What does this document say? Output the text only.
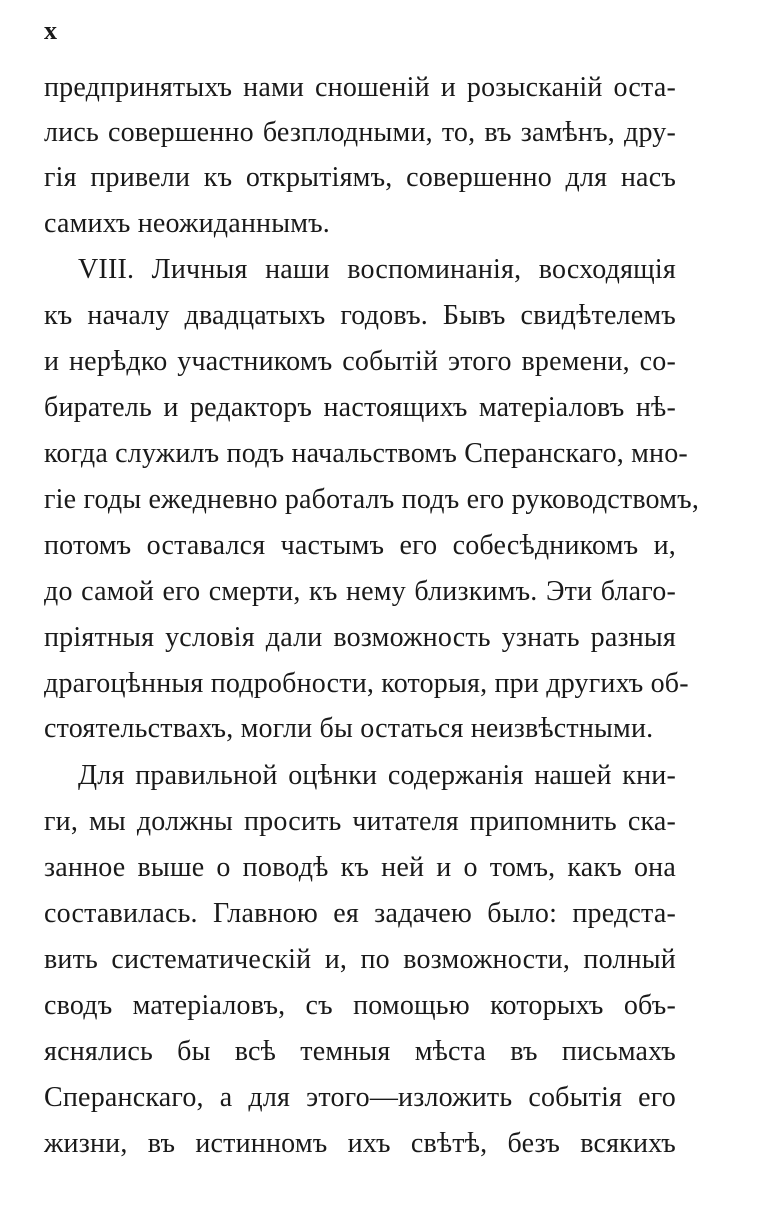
x
предпринятыхъ нами сношеній и розысканій оста-
лись совершенно безплодными, то, въ замѣнъ, дру-
гія привели къ открытіямъ, совершенно для насъ
самихъ неожиданнымъ.
VIII. Личныя наши воспоминанія, восходящія
къ началу двадцатыхъ годовъ. Бывъ свидѣтелемъ
и нерѣдко участникомъ событій этого времени, со-
биратель и редакторъ настоящихъ матеріаловъ нѣ-
когда служилъ подъ начальствомъ Сперанскаго, мно-
гіе годы ежедневно работалъ подъ его руководствомъ,
потомъ оставался частымъ его собесѣдникомъ и,
до самой его смерти, къ нему близкимъ. Эти благо-
пріятныя условія дали возможность узнать разныя
драгоцѣнныя подробности, которыя, при другихъ об-
стоятельствахъ, могли бы остаться неизвѣстными.
Для правильной оцѣнки содержанія нашей кни-
ги, мы должны просить читателя припомнить ска-
занное выше о поводѣ къ ней и о томъ, какъ она
составилась. Главною ея задачею было: предста-
вить систематическій и, по возможности, полный
сводъ матеріаловъ, съ помощью которыхъ объ-
яснялись бы всѣ темныя мѣста въ письмахъ
Сперанскаго, а для этого—изложить событія его
жизни, въ истинномъ ихъ свѣтѣ, безъ всякихъ
